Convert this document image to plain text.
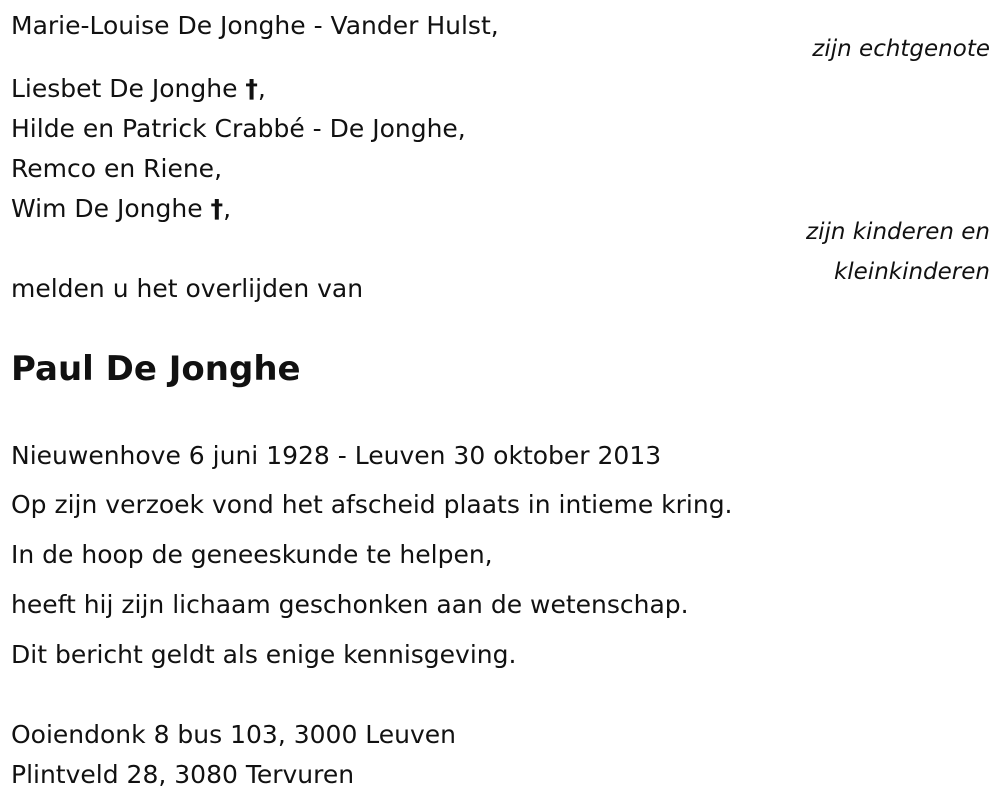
Marie-Louise De Jonghe - Vander Hulst,
zijn echtgenote
Liesbet De Jonghe †,
Hilde en Patrick Crabbé - De Jonghe,
Remco en Riene,
Wim De Jonghe †,
zijn kinderen en
kleinkinderen
melden u het overlijden van
Paul De Jonghe
Nieuwenhove 6 juni 1928 - Leuven 30 oktober 2013
Op zijn verzoek vond het afscheid plaats in intieme kring.
In de hoop de geneeskunde te helpen,
heeft hij zijn lichaam geschonken aan de wetenschap.
Dit bericht geldt als enige kennisgeving.
Ooiendonk 8 bus 103, 3000 Leuven
Plintveld 28, 3080 Tervuren
